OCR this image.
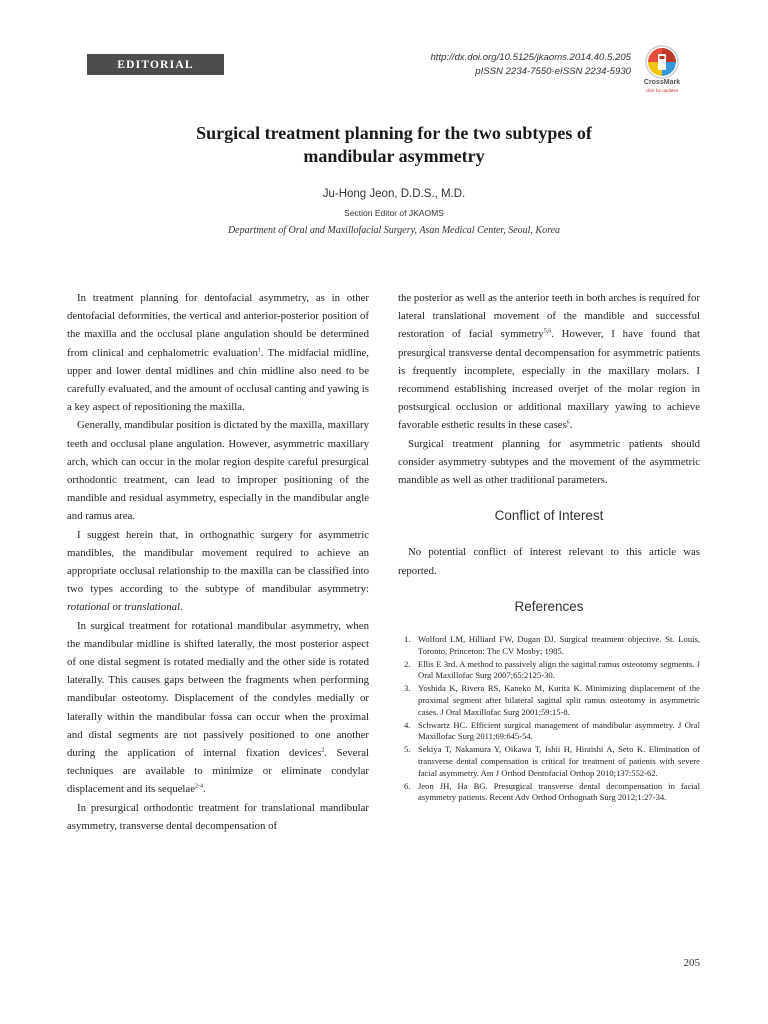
EDITORIAL
http://dx.doi.org/10.5125/jkaoms.2014.40.5.205
pISSN 2234-7550·eISSN 2234-5930
CrossMark
click for updates
Surgical treatment planning for the two subtypes of
mandibular asymmetry
Ju-Hong Jeon, D.D.S., M.D.
Section Editor of JKAOMS
Department of Oral and Maxillofacial Surgery, Asan Medical Center, Seoul, Korea

In treatment planning for dentofacial asymmetry, as in other dentofacial deformities, the vertical and anterior-posterior position of the maxilla and the occlusal plane angulation should be determined from clinical and cephalometric evaluation$^1$. The midfacial midline, upper and lower dental midlines and chin midline also need to be carefully evaluated, and the amount of occlusal canting and yawing is a key aspect of repositioning the maxilla.

Generally, mandibular position is dictated by the maxilla, maxillary teeth and occlusal plane angulation. However, asymmetric maxillary arch, which can occur in the molar region despite careful presurgical orthodontic treatment, can lead to improper positioning of the mandible and residual asymmetry, especially in the mandibular angle and ramus area.

I suggest herein that, in orthognathic surgery for asymmetric mandibles, the mandibular movement required to achieve an appropriate occlusal relationship to the maxilla can be classified into two types according to the subtype of mandibular asymmetry: rotational or translational.

In surgical treatment for rotational mandibular asymmetry, when the mandibular midline is shifted laterally, the most posterior aspect of one distal segment is rotated medially and the other side is rotated laterally. This causes gaps between the fragments when performing mandibular osteotomy. Displacement of the condyles medially or laterally within the mandibular fossa can occur when the proximal and distal segments are not passively positioned to one another during the application of internal fixation devices$^2$. Several techniques are available to minimize or eliminate condylar displacement and its sequelae$^{2-4}$.

In presurgical orthodontic treatment for translational mandibular asymmetry, transverse dental decompensation of

the posterior as well as the anterior teeth in both arches is required for lateral translational movement of the mandible and successful restoration of facial symmetry$^{5,6}$. However, I have found that presurgical transverse dental decompensation for asymmetric patients is frequently incomplete, especially in the maxillary molars. I recommend establishing increased overjet of the molar region in postsurgical occlusion or additional maxillary yawing to achieve favorable esthetic results in these cases$^6$.

Surgical treatment planning for asymmetric patients should consider asymmetry subtypes and the movement of the asymmetric mandible as well as other traditional parameters.

Conflict of Interest

No potential conflict of interest relevant to this article was reported.

References
1. Wolford LM, Hilliard FW, Dugan DJ. Surgical treatment objective. St. Louis, Toronto, Princeton: The CV Mosby; 1985.
2. Ellis E 3rd. A method to passively align the sagittal ramus osteotomy segments. J Oral Maxillofac Surg 2007;65:2125-30.
3. Yoshida K, Rivera RS, Kaneko M, Kurita K. Minimizing displacement of the proximal segment after bilateral sagittal split ramus osteotomy in asymmetric cases. J Oral Maxillofac Surg 2001;59:15-8.
4. Schwartz HC. Efficient surgical management of mandibular asymmetry. J Oral Maxillofac Surg 2011;69:645-54.
5. Sekiya T, Nakamura Y, Oikawa T, Ishii H, Hiraishi A, Seto K. Elimination of transverse dental compensation is critical for treatment of patients with severe facial asymmetry. Am J Orthod Dentofacial Orthop 2010;137:552-62.
6. Jeon JH, Ha BG. Presurgical transverse dental decompensation in facial asymmetry patients. Recent Adv Orthod Orthognath Surg 2012;1:27-34.
205
